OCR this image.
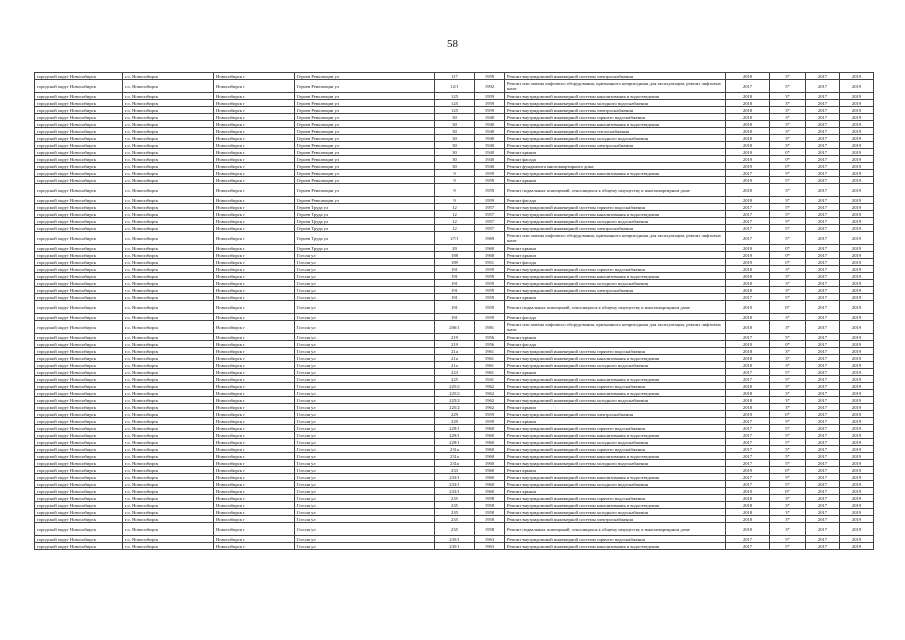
58
городской округ Новосибирск	г.о. Новосибирск	Новосибирск г	Героев Революции ул	117	1959	Ремонт внутридомовой инженерной системы электроснабжения	2018	3*	2017	2019
городской округ Новосибирск	г.о. Новосибирск	Новосибирск г	Героев Революции ул	12/1	1992	Ремонт или замена лифтового оборудования, признанного непригодным для эксплуатации, ремонт лифтовых шахт	2017	5*	2017	2019
городской округ Новосибирск	г.о. Новосибирск	Новосибирск г	Героев Революции ул	125	1959	Ремонт внутридомовой инженерной системы канализования и водоотведения	2018	3*	2017	2019
городской округ Новосибирск	г.о. Новосибирск	Новосибирск г	Героев Революции ул	125	1959	Ремонт внутридомовой инженерной системы холодного водоснабжения	2018	3*	2017	2019
городской округ Новосибирск	г.о. Новосибирск	Новосибирск г	Героев Революции ул	125	1959	Ремонт внутридомовой инженерной системы электроснабжения	2018	3*	2017	2019
городской округ Новосибирск	г.о. Новосибирск	Новосибирск г	Героев Революции ул	30	1940	Ремонт внутридомовой инженерной системы горячего водоснабжения	2018	3*	2017	2019
городской округ Новосибирск	г.о. Новосибирск	Новосибирск г	Героев Революции ул	30	1940	Ремонт внутридомовой инженерной системы канализования и водоотведения	2018	3*	2017	2019
городской округ Новосибирск	г.о. Новосибирск	Новосибирск г	Героев Революции ул	30	1940	Ремонт внутридомовой инженерной системы теплоснабжения	2018	3*	2017	2019
городской округ Новосибирск	г.о. Новосибирск	Новосибирск г	Героев Революции ул	30	1940	Ремонт внутридомовой инженерной системы холодного водоснабжения	2018	3*	2017	2019
городской округ Новосибирск	г.о. Новосибирск	Новосибирск г	Героев Революции ул	30	1940	Ремонт внутридомовой инженерной системы электроснабжения	2018	3*	2017	2019
городской округ Новосибирск	г.о. Новосибирск	Новосибирск г	Героев Революции ул	30	1940	Ремонт крыши	2019	0*	2017	2019
городской округ Новосибирск	г.о. Новосибирск	Новосибирск г	Героев Революции ул	30	1940	Ремонт фасада	2019	0*	2017	2019
городской округ Новосибирск	г.о. Новосибирск	Новосибирск г	Героев Революции ул	30	1940	Ремонт фундамента многоквартирного дома	2019	0*	2017	2019
городской округ Новосибирск	г.о. Новосибирск	Новосибирск г	Героев Революции ул	9	1959	Ремонт внутридомовой инженерной системы канализования и водоотведения	2017	5*	2017	2019
городской округ Новосибирск	г.о. Новосибирск	Новосибирск г	Героев Революции ул	9	1959	Ремонт крыши	2019	5*	2017	2019
городской округ Новосибирск	г.о. Новосибирск	Новосибирск г	Героев Революции ул	9	1959	Ремонт подвальных помещений, относящихся к общему имуществу в многоквартирном доме	2018	3*	2017	2019
городской округ Новосибирск	г.о. Новосибирск	Новосибирск г	Героев Революции ул	9	1959	Ремонт фасада	2018	3*	2017	2019
городской округ Новосибирск	г.о. Новосибирск	Новосибирск г	Героев Труда ул	12	1957	Ремонт внутридомовой инженерной системы горячего водоснабжения	2017	5*	2017	2019
городской округ Новосибирск	г.о. Новосибирск	Новосибирск г	Героев Труда ул	12	1957	Ремонт внутридомовой инженерной системы канализования и водоотведения	2017	5*	2017	2019
городской округ Новосибирск	г.о. Новосибирск	Новосибирск г	Героев Труда ул	12	1957	Ремонт внутридомовой инженерной системы холодного водоснабжения	2017	5*	2017	2019
городской округ Новосибирск	г.о. Новосибирск	Новосибирск г	Героев Труда ул	12	1957	Ремонт внутридомовой инженерной системы электроснабжения	2017	5*	2017	2019
городской округ Новосибирск	г.о. Новосибирск	Новосибирск г	Героев Труда ул	27/1	1969	Ремонт или замена лифтового оборудования, признанного непригодным для эксплуатации, ремонт лифтовых шахт	2017	5*	2017	2019
городской округ Новосибирск	г.о. Новосибирск	Новосибирск г	Героев Труда ул	29	1960	Ремонт крыши	2019	0*	2017	2019
городской округ Новосибирск	г.о. Новосибирск	Новосибирск г	Гоголя ул	188	1968	Ремонт крыши	2019	0*	2017	2019
городской округ Новосибирск	г.о. Новосибирск	Новосибирск г	Гоголя ул	189	1951	Ремонт фасада	2019	0*	2017	2019
городской округ Новосибирск	г.о. Новосибирск	Новосибирск г	Гоголя ул	191	1959	Ремонт внутридомовой инженерной системы горячего водоснабжения	2018	3*	2017	2019
городской округ Новосибирск	г.о. Новосибирск	Новосибирск г	Гоголя ул	191	1959	Ремонт внутридомовой инженерной системы канализования и водоотведения	2018	3*	2017	2019
городской округ Новосибирск	г.о. Новосибирск	Новосибирск г	Гоголя ул	191	1959	Ремонт внутридомовой инженерной системы холодного водоснабжения	2018	3*	2017	2019
городской округ Новосибирск	г.о. Новосибирск	Новосибирск г	Гоголя ул	191	1959	Ремонт внутридомовой инженерной системы электроснабжения	2018	3*	2017	2019
городской округ Новосибирск	г.о. Новосибирск	Новосибирск г	Гоголя ул	191	1959	Ремонт крыши	2017	5*	2017	2019
городской округ Новосибирск	г.о. Новосибирск	Новосибирск г	Гоголя ул	191	1959	Ремонт подвальных помещений, относящихся к общему имуществу в многоквартирном доме	2019	0*	2017	2019
городской округ Новосибирск	г.о. Новосибирск	Новосибирск г	Гоголя ул	191	1959	Ремонт фасада	2018	3*	2017	2019
городской округ Новосибирск	г.о. Новосибирск	Новосибирск г	Гоголя ул	206/1	1981	Ремонт или замена лифтового оборудования, признанного непригодным для эксплуатации, ремонт лифтовых шахт	2018	3*	2017	2019
городской округ Новосибирск	г.о. Новосибирск	Новосибирск г	Гоголя ул	219	1956	Ремонт крыши	2017	5*	2017	2019
городской округ Новосибирск	г.о. Новосибирск	Новосибирск г	Гоголя ул	219	1956	Ремонт фасада	2019	0*	2017	2019
городской округ Новосибирск	г.о. Новосибирск	Новосибирск г	Гоголя ул	21а	1961	Ремонт внутридомовой инженерной системы горячего водоснабжения	2018	3*	2017	2019
городской округ Новосибирск	г.о. Новосибирск	Новосибирск г	Гоголя ул	21а	1961	Ремонт внутридомовой инженерной системы канализования и водоотведения	2018	3*	2017	2019
городской округ Новосибирск	г.о. Новосибирск	Новосибирск г	Гоголя ул	21а	1961	Ремонт внутридомовой инженерной системы холодного водоснабжения	2018	3*	2017	2019
городской округ Новосибирск	г.о. Новосибирск	Новосибирск г	Гоголя ул	223	1961	Ремонт крыши	2017	5*	2017	2019
городской округ Новосибирск	г.о. Новосибирск	Новосибирск г	Гоголя ул	225	1941	Ремонт внутридомовой инженерной системы канализования и водоотведения	2017	5*	2017	2019
городской округ Новосибирск	г.о. Новосибирск	Новосибирск г	Гоголя ул	225/2	1962	Ремонт внутридомовой инженерной системы горячего водоснабжения	2018	3*	2017	2019
городской округ Новосибирск	г.о. Новосибирск	Новосибирск г	Гоголя ул	225/2	1962	Ремонт внутридомовой инженерной системы канализования и водоотведения	2018	3*	2017	2019
городской округ Новосибирск	г.о. Новосибирск	Новосибирск г	Гоголя ул	225/2	1962	Ремонт внутридомовой инженерной системы холодного водоснабжения	2018	3*	2017	2019
городской округ Новосибирск	г.о. Новосибирск	Новосибирск г	Гоголя ул	225/2	1962	Ремонт крыши	2018	3*	2017	2019
городской округ Новосибирск	г.о. Новосибирск	Новосибирск г	Гоголя ул	229	1959	Ремонт внутридомовой инженерной системы электроснабжения	2019	0*	2017	2019
городской округ Новосибирск	г.о. Новосибирск	Новосибирск г	Гоголя ул	229	1959	Ремонт крыши	2017	5*	2017	2019
городской округ Новосибирск	г.о. Новосибирск	Новосибирск г	Гоголя ул	229/1	1960	Ремонт внутридомовой инженерной системы горячего водоснабжения	2017	5*	2017	2019
городской округ Новосибирск	г.о. Новосибирск	Новосибирск г	Гоголя ул	229/1	1960	Ремонт внутридомовой инженерной системы канализования и водоотведения	2017	5*	2017	2019
городской округ Новосибирск	г.о. Новосибирск	Новосибирск г	Гоголя ул	229/1	1960	Ремонт внутридомовой инженерной системы холодного водоснабжения	2017	5*	2017	2019
городской округ Новосибирск	г.о. Новосибирск	Новосибирск г	Гоголя ул	231а	1960	Ремонт внутридомовой инженерной системы горячего водоснабжения	2017	5*	2017	2019
городской округ Новосибирск	г.о. Новосибирск	Новосибирск г	Гоголя ул	231а	1960	Ремонт внутридомовой инженерной системы канализования и водоотведения	2017	5*	2017	2019
городской округ Новосибирск	г.о. Новосибирск	Новосибирск г	Гоголя ул	231а	1960	Ремонт внутридомовой инженерной системы холодного водоснабжения	2017	5*	2017	2019
городской округ Новосибирск	г.о. Новосибирск	Новосибирск г	Гоголя ул	233	1960	Ремонт крыши	2019	0*	2017	2019
городской округ Новосибирск	г.о. Новосибирск	Новосибирск г	Гоголя ул	233/1	1960	Ремонт внутридомовой инженерной системы канализования и водоотведения	2017	5*	2017	2019
городской округ Новосибирск	г.о. Новосибирск	Новосибирск г	Гоголя ул	233/1	1960	Ремонт внутридомовой инженерной системы холодного водоснабжения	2017	5*	2017	2019
городской округ Новосибирск	г.о. Новосибирск	Новосибирск г	Гоголя ул	233/1	1960	Ремонт крыши	2019	0*	2017	2019
городской округ Новосибирск	г.о. Новосибирск	Новосибирск г	Гоголя ул	235	1958	Ремонт внутридомовой инженерной системы горячего водоснабжения	2018	3*	2017	2019
городской округ Новосибирск	г.о. Новосибирск	Новосибирск г	Гоголя ул	235	1958	Ремонт внутридомовой инженерной системы канализования и водоотведения	2018	3*	2017	2019
городской округ Новосибирск	г.о. Новосибирск	Новосибирск г	Гоголя ул	235	1958	Ремонт внутридомовой инженерной системы холодного водоснабжения	2018	3*	2017	2019
городской округ Новосибирск	г.о. Новосибирск	Новосибирск г	Гоголя ул	235	1958	Ремонт внутридомовой инженерной системы электроснабжения	2018	3*	2017	2019
городской округ Новосибирск	г.о. Новосибирск	Новосибирск г	Гоголя ул	235	1958	Ремонт подвальных помещений, относящихся к общему имуществу в многоквартирном доме	2018	3*	2017	2019
городской округ Новосибирск	г.о. Новосибирск	Новосибирск г	Гоголя ул	235/1	1963	Ремонт внутридомовой инженерной системы горячего водоснабжения	2017	5*	2017	2019
городской округ Новосибирск	г.о. Новосибирск	Новосибирск г	Гоголя ул	235/1	1963	Ремонт внутридомовой инженерной системы канализования и водоотведения	2017	5*	2017	2019
